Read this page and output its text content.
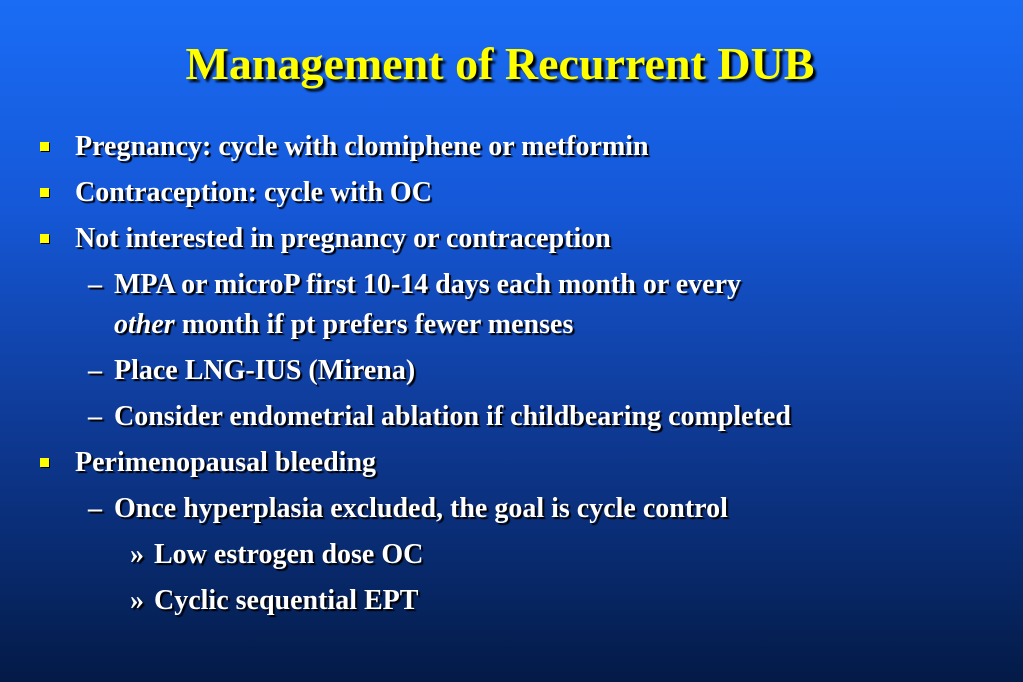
Management of Recurrent DUB
Pregnancy: cycle with clomiphene or metformin
Contraception: cycle with OC
Not interested in pregnancy or contraception
– MPA or microP first 10-14 days each month or every
other month if pt prefers fewer menses
– Place LNG-IUS (Mirena)
– Consider endometrial ablation if childbearing completed
Perimenopausal bleeding
– Once hyperplasia excluded, the goal is cycle control
» Low estrogen dose OC
» Cyclic sequential EPT
